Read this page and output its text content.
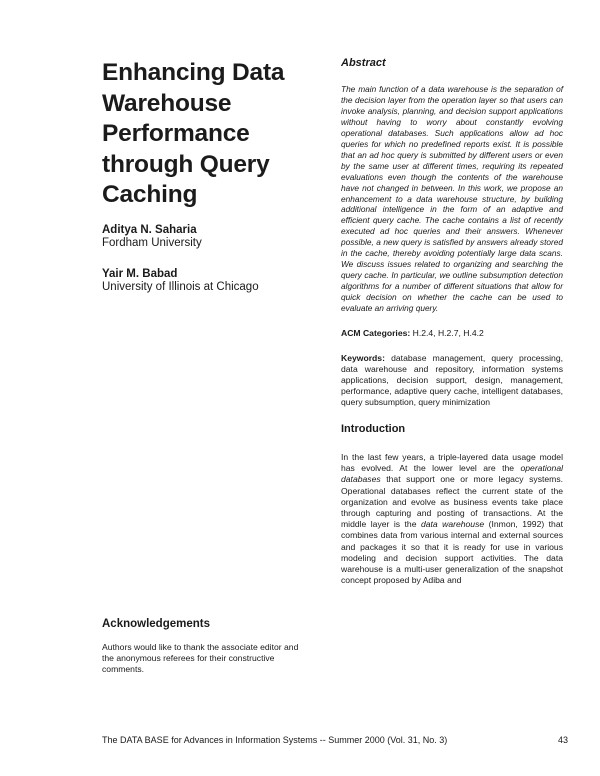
Enhancing Data Warehouse Performance through Query Caching
Aditya N. Saharia
Fordham University
Yair M. Babad
University of Illinois at Chicago
Acknowledgements

Authors would like to thank the associate editor and the anonymous referees for their constructive comments.

Abstract

The main function of a data warehouse is the separation of the decision layer from the operation layer so that users can invoke analysis, planning, and decision support applications without having to worry about constantly evolving operational databases. Such applications allow ad hoc queries for which no predefined reports exist. It is possible that an ad hoc query is submitted by different users or even by the same user at different times, requiring its repeated evaluations even though the contents of the warehouse have not changed in between. In this work, we propose an enhancement to a data warehouse structure, by building additional intelligence in the form of an adaptive and efficient query cache. The cache contains a list of recently executed ad hoc queries and their answers. Whenever possible, a new query is satisfied by answers already stored in the cache, thereby avoiding potentially large data scans. We discuss issues related to organizing and searching the query cache. In particular, we outline subsumption detection algorithms for a number of different situations that allow for quick decision on whether the cache can be used to evaluate an arriving query.

ACM Categories: H.2.4, H.2.7, H.4.2

Keywords: database management, query processing, data warehouse and repository, information systems applications, decision support, design, management, performance, adaptive query cache, intelligent databases, query subsumption, query minimization

Introduction

In the last few years, a triple-layered data usage model has evolved. At the lower level are the operational databases that support one or more legacy systems. Operational databases reflect the current state of the organization and evolve as business events take place through capturing and posting of transactions. At the middle layer is the data warehouse (Inmon, 1992) that combines data from various internal and external sources and packages it so that it is ready for use in various modeling and decision support activities. The data warehouse is a multi-user generalization of the snapshot concept proposed by Adiba and

The DATA BASE for Advances in Information Systems -- Summer 2000 (Vol. 31, No. 3)	43
